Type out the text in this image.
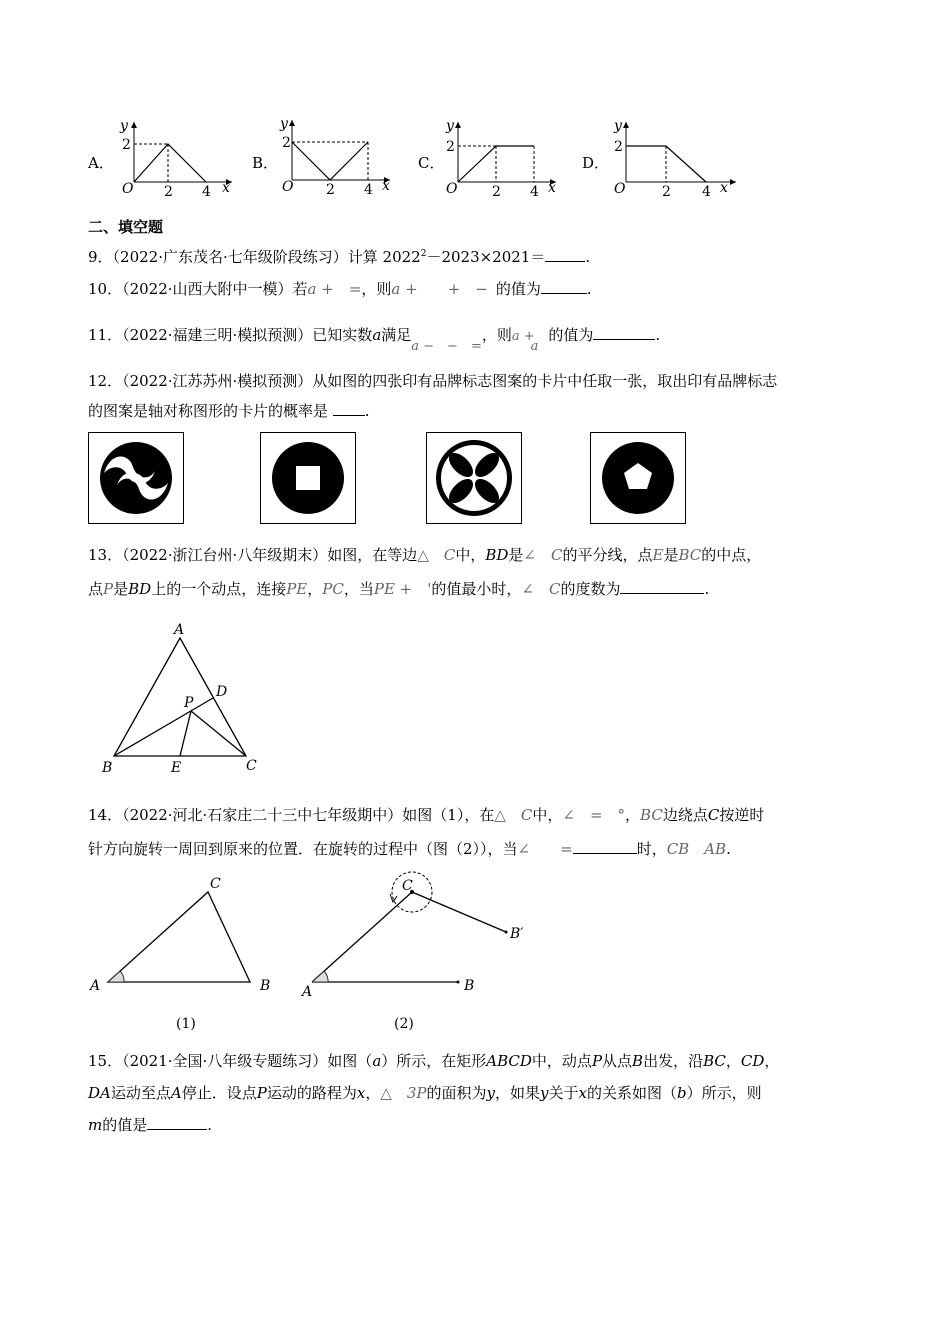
A．
y
2
O 2 4 x
B．
y
2
O 2 4 x
C．
y
2
O 2 4 x
D．
y
2
O	2 4 x
二、填空题
9．（2022·广东茂名·七年级阶段练习）计算 $2022^2-2023\times 2021=$	.
10．（2022·山西大附中一模）若a +　=，则a +　　+　− 的值为	.
11．（2022·福建三明·模拟预测）已知实数a满足a −　−　=，则a +a的值为	.
12．（2022·江苏苏州·模拟预测）从如图的四张印有品牌标志图案的卡片中任取一张，取出印有品牌标志
的图案是轴对称图形的卡片的概率是 .
13．（2022·浙江台州·八年级期末）如图，在等边△　C中，BD是∠　C的平分线，点E是BC的中点，
点P是BD上的一个动点，连接PE，PC，当PE +　'的值最小时，∠　C的度数为	.
A
B	C
D
E
P
14．（2022·河北·石家庄二十三中七年级期中）如图（1），在△　C中，∠　=　°，BC边绕点C按逆时
针方向旋转一周回到原来的位置．在旋转的过程中（图（2）），当∠　　=	时，CB　AB.
A	B
C
(1)
A	B
C
B′
(2)
15．（2021·全国·八年级专题练习）如图（a）所示，在矩形ABCD中，动点P从点B出发，沿BC，CD，
DA运动至点A停止．设点P运动的路程为x，△　3P的面积为y，如果y关于x的关系如图（b）所示，则
m的值是	.
